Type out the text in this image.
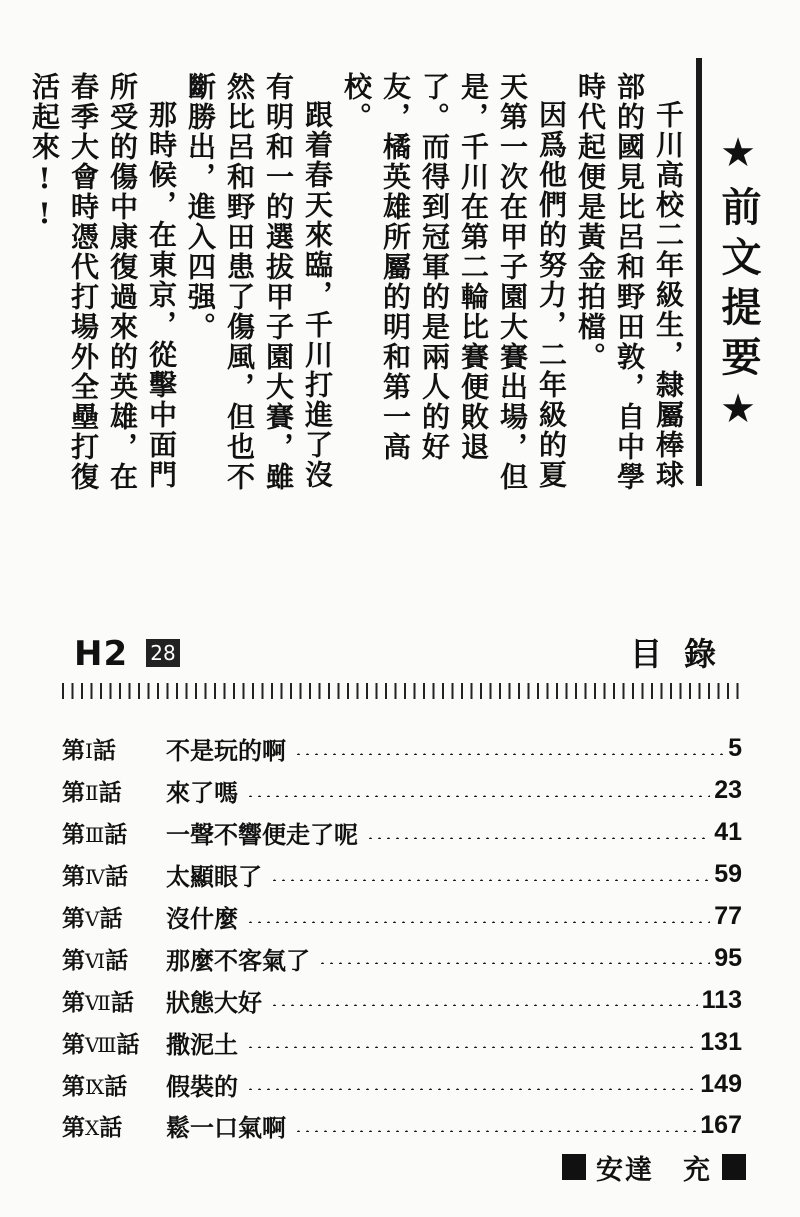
★前文提要★

千川高校二年級生，隸屬棒球部的國見比呂和野田敦，自中學時代起便是黃金拍檔。

因爲他們的努力，二年級的夏天第一次在甲子園大賽出場，但是，千川在第二輪比賽便敗退了。而得到冠軍的是兩人的好友，橘英雄所屬的明和第一高校。

跟着春天來臨，千川打進了沒有明和一的選拔甲子園大賽，雖然比呂和野田患了傷風，但也不斷勝出，進入四强。

那時候，在東京，從擊中面門所受的傷中康復過來的英雄，在春季大會時憑代打場外全壘打復活起來!!

H2 28	目錄
第Ⅰ話	不是玩的啊	5
第Ⅱ話	來了嗎	23
第Ⅲ話	一聲不響便走了呢	41
第Ⅳ話	太顯眼了	59
第Ⅴ話	沒什麼	77
第Ⅵ話	那麼不客氣了	95
第Ⅶ話	狀態大好	113
第Ⅷ話	撒泥土	131
第Ⅸ話	假裝的	149
第Ⅹ話	鬆一口氣啊	167
安達　充
